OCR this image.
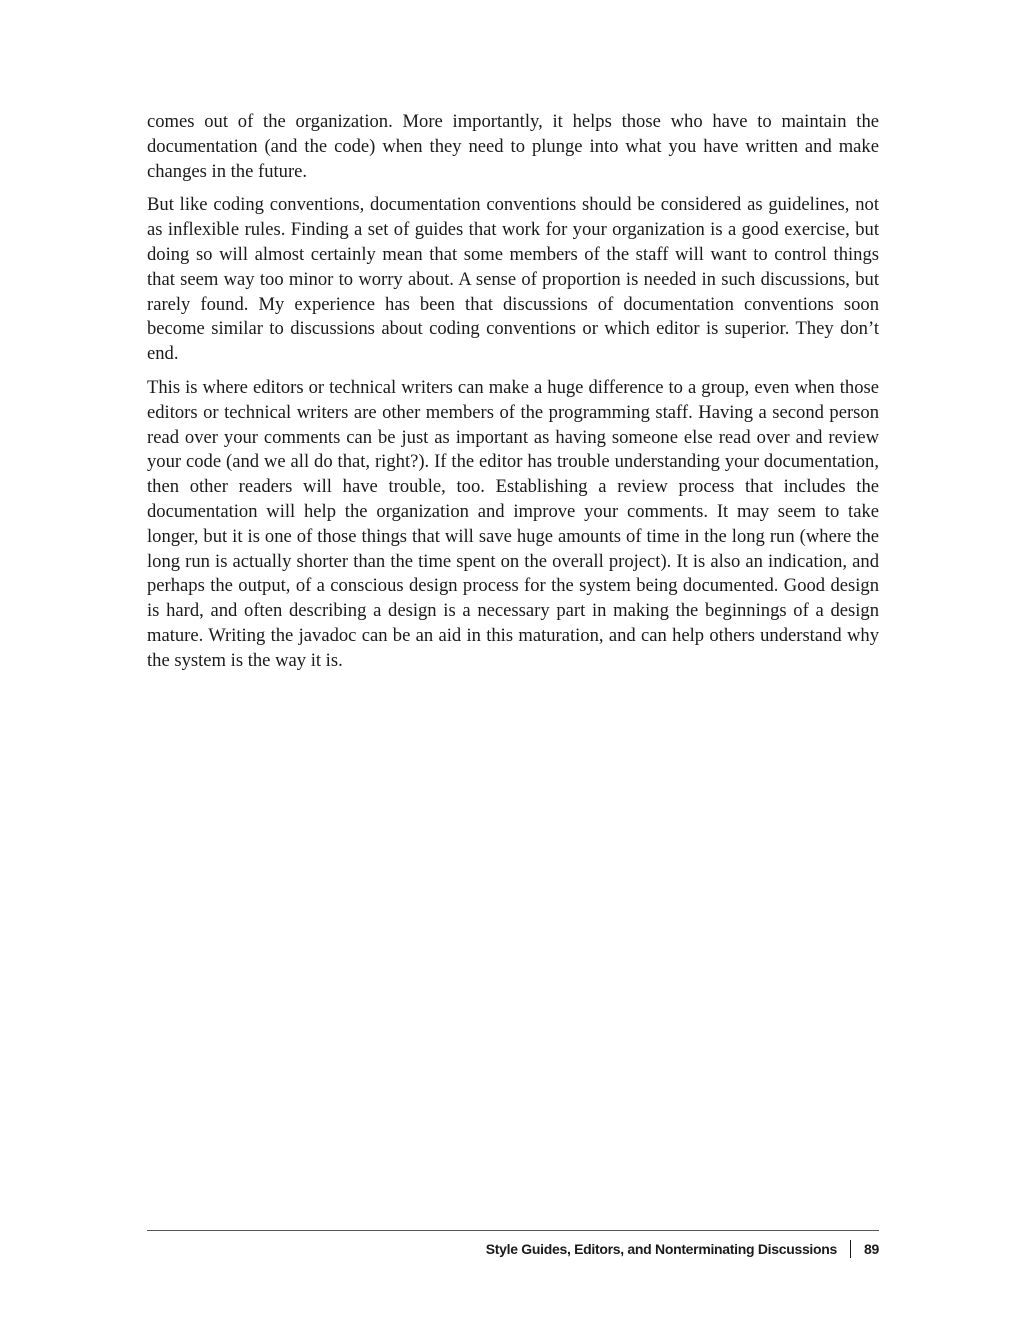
comes out of the organization. More importantly, it helps those who have to maintain the documentation (and the code) when they need to plunge into what you have written and make changes in the future.

But like coding conventions, documentation conventions should be considered as guidelines, not as inflexible rules. Finding a set of guides that work for your organization is a good exercise, but doing so will almost certainly mean that some members of the staff will want to control things that seem way too minor to worry about. A sense of proportion is needed in such discussions, but rarely found. My experience has been that discussions of documentation conventions soon become similar to discussions about coding conventions or which editor is superior. They don’t end.

This is where editors or technical writers can make a huge difference to a group, even when those editors or technical writers are other members of the programming staff. Having a second person read over your comments can be just as important as having someone else read over and review your code (and we all do that, right?). If the editor has trouble understanding your documentation, then other readers will have trouble, too. Establishing a review process that includes the documentation will help the organization and improve your comments. It may seem to take longer, but it is one of those things that will save huge amounts of time in the long run (where the long run is actually shorter than the time spent on the overall project). It is also an indication, and perhaps the output, of a conscious design process for the system being documented. Good design is hard, and often describing a design is a necessary part in making the beginnings of a design mature. Writing the javadoc can be an aid in this maturation, and can help others understand why the system is the way it is.

Style Guides, Editors, and Nonterminating Discussions 89
